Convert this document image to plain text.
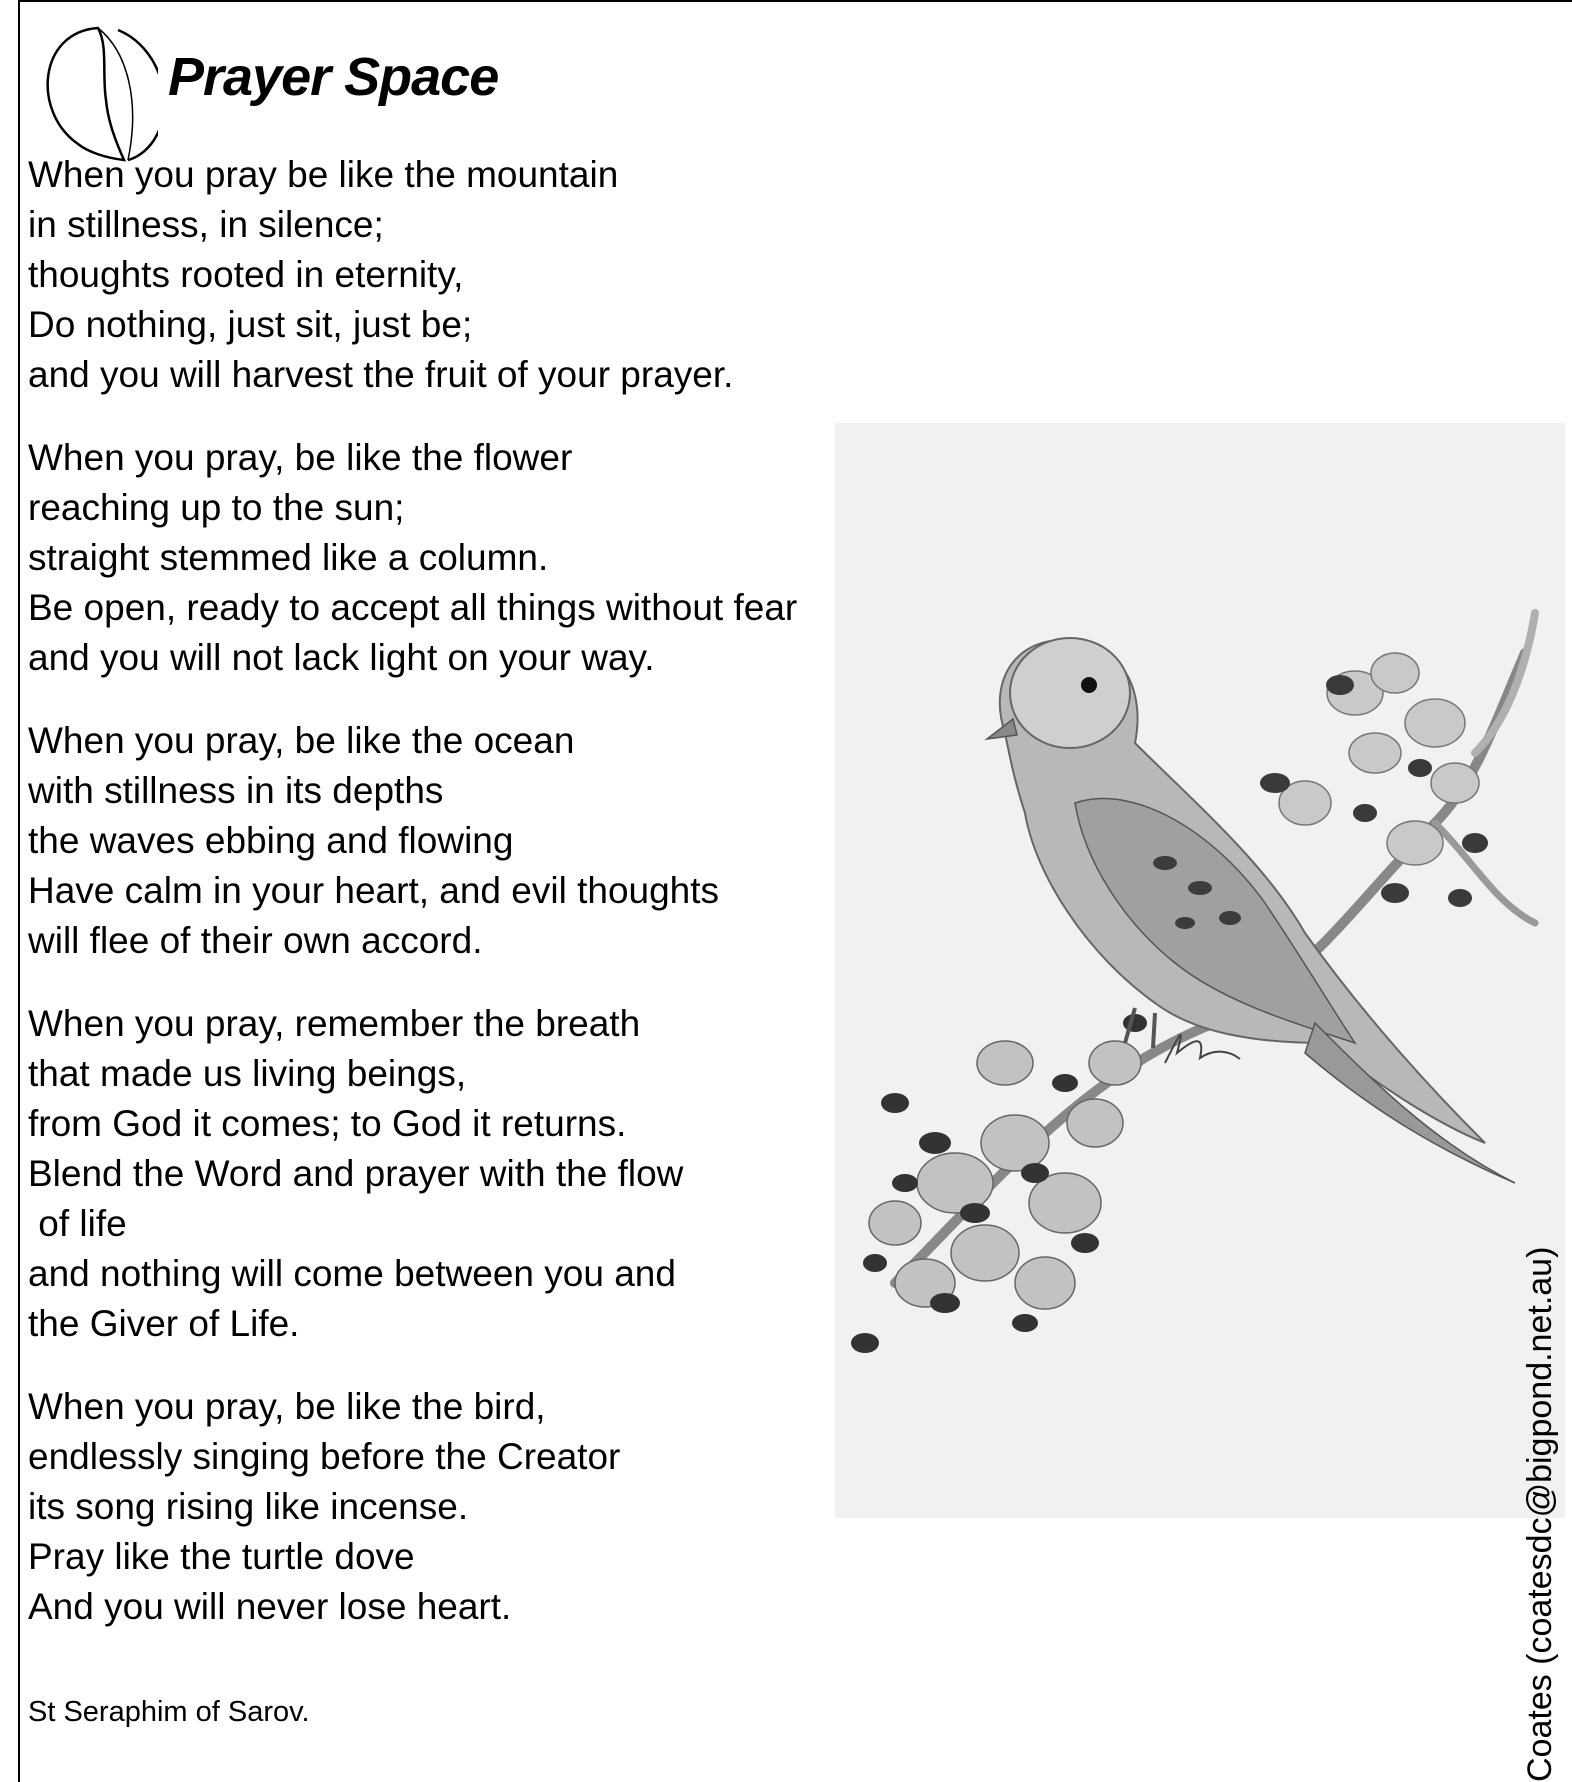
Prayer Space
When you pray be like the mountain
in stillness, in silence;
thoughts rooted in eternity,
Do nothing, just sit, just be;
and you will harvest the fruit of your prayer.
When you pray, be like the flower
reaching up to the sun;
straight stemmed like a column.
Be open, ready to accept all things without fear
and you will not lack light on your way.
When you pray, be like the ocean
with stillness in its depths
the waves ebbing and flowing
Have calm in your heart, and evil thoughts
will flee of their own accord.
When you pray, remember the breath
that made us living beings,
from God it comes; to God it returns.
Blend the Word and prayer with the flow
of life
and nothing will come between you and
the Giver of Life.
When you pray, be like the bird,
endlessly singing before the Creator
its song rising like incense.
Pray like the turtle dove
And you will never lose heart.
St Seraphim of Sarov.	Coates (coatesdc@bigpond.net.au)
